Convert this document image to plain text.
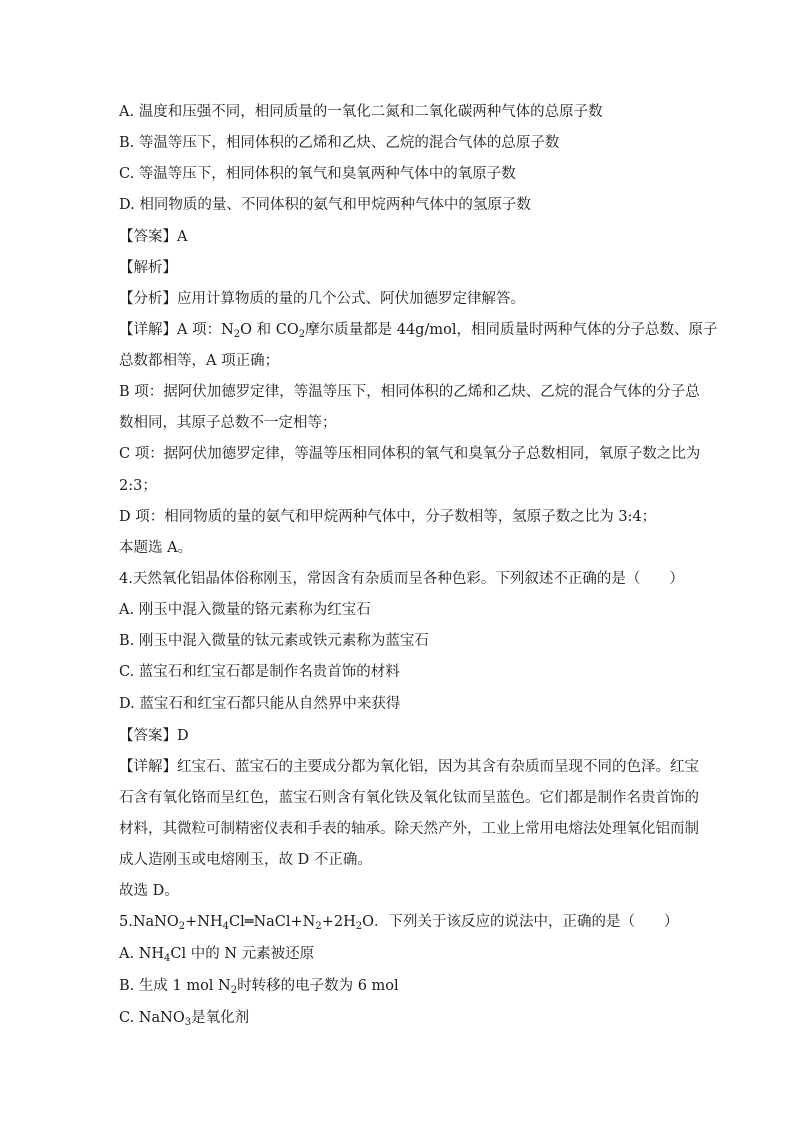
A. 温度和压强不同，相同质量的一氧化二氮和二氧化碳两种气体的总原子数
B. 等温等压下，相同体积的乙烯和乙炔、乙烷的混合气体的总原子数
C. 等温等压下，相同体积的氧气和臭氧两种气体中的氧原子数
D. 相同物质的量、不同体积的氨气和甲烷两种气体中的氢原子数
【答案】A
【解析】
【分析】应用计算物质的量的几个公式、阿伏加德罗定律解答。
【详解】A 项：$N_2O$ 和 $CO_2$摩尔质量都是 44g/mol，相同质量时两种气体的分子总数、原子
总数都相等，A 项正确；
B 项：据阿伏加德罗定律，等温等压下，相同体积的乙烯和乙炔、乙烷的混合气体的分子总
数相同，其原子总数不一定相等；
C 项：据阿伏加德罗定律，等温等压相同体积的氧气和臭氧分子总数相同，氧原子数之比为
2:3；
D 项：相同物质的量的氨气和甲烷两种气体中，分子数相等，氢原子数之比为 3:4；
本题选 A。
4.天然氧化铝晶体俗称刚玉，常因含有杂质而呈各种色彩。下列叙述不正确的是（　　）
A. 刚玉中混入微量的铬元素称为红宝石
B. 刚玉中混入微量的钛元素或铁元素称为蓝宝石
C. 蓝宝石和红宝石都是制作名贵首饰的材料
D. 蓝宝石和红宝石都只能从自然界中来获得
【答案】D
【详解】红宝石、蓝宝石的主要成分都为氧化铝，因为其含有杂质而呈现不同的色泽。红宝
石含有氧化铬而呈红色，蓝宝石则含有氧化铁及氧化钛而呈蓝色。它们都是制作名贵首饰的
材料，其微粒可制精密仪表和手表的轴承。除天然产外，工业上常用电熔法处理氧化铝而制
成人造刚玉或电熔刚玉，故 D 不正确。
故选 D。
$5.NaNO_2+NH_4Cl═NaCl+N_2+2H_2O$．下列关于该反应的说法中，正确的是（　　）
A. $NH_4Cl$ 中的 N 元素被还原
B. 生成 1 mol $N_2$时转移的电子数为 6 mol
C. NaNO$_3$是氧化剂
